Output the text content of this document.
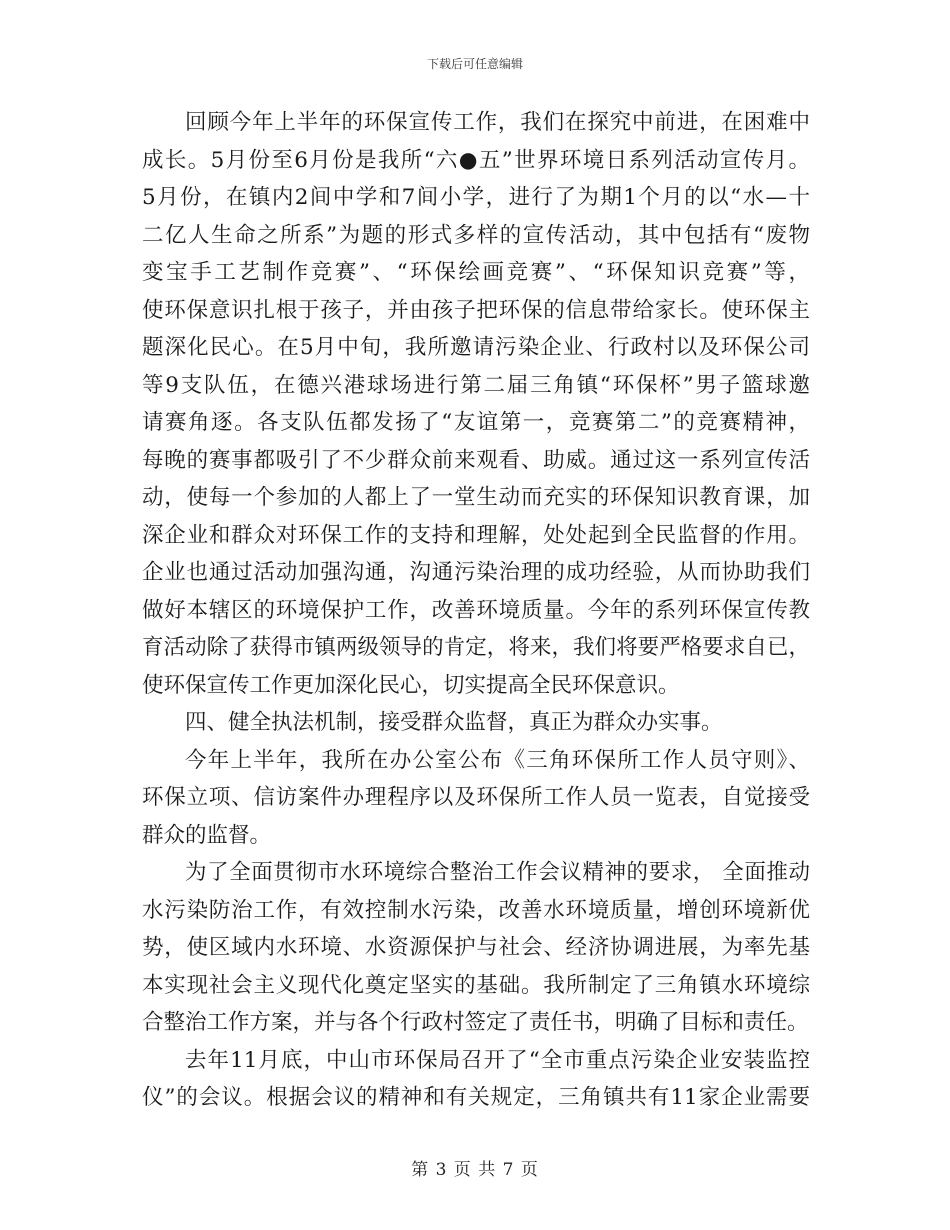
下载后可任意编辑
回顾今年上半年的环保宣传工作，我们在探究中前进，在困难中
成长。5月份至6月份是我所“六●五”世界环境日系列活动宣传月。
5月份，在镇内2间中学和7间小学，进行了为期1个月的以“水—十
二亿人生命之所系”为题的形式多样的宣传活动，其中包括有“废物
变宝手工艺制作竞赛”、“环保绘画竞赛”、“环保知识竞赛”等，
使环保意识扎根于孩子，并由孩子把环保的信息带给家长。使环保主
题深化民心。在5月中旬，我所邀请污染企业、行政村以及环保公司
等9支队伍，在德兴港球场进行第二届三角镇“环保杯”男子篮球邀
请赛角逐。各支队伍都发扬了“友谊第一，竞赛第二”的竞赛精神，
每晚的赛事都吸引了不少群众前来观看、助威。通过这一系列宣传活
动，使每一个参加的人都上了一堂生动而充实的环保知识教育课，加
深企业和群众对环保工作的支持和理解，处处起到全民监督的作用。
企业也通过活动加强沟通，沟通污染治理的成功经验，从而协助我们
做好本辖区的环境保护工作，改善环境质量。今年的系列环保宣传教
育活动除了获得市镇两级领导的肯定，将来，我们将要严格要求自已，
使环保宣传工作更加深化民心，切实提高全民环保意识。
四、健全执法机制，接受群众监督，真正为群众办实事。
今年上半年，我所在办公室公布《三角环保所工作人员守则》、
环保立项、信访案件办理程序以及环保所工作人员一览表，自觉接受
群众的监督。
为了全面贯彻市水环境综合整治工作会议精神的要求， 全面推动
水污染防治工作，有效控制水污染，改善水环境质量，增创环境新优
势，使区域内水环境、水资源保护与社会、经济协调进展，为率先基
本实现社会主义现代化奠定坚实的基础。我所制定了三角镇水环境综
合整治工作方案，并与各个行政村签定了责任书，明确了目标和责任。
去年11月底，中山市环保局召开了“全市重点污染企业安装监控
仪”的会议。根据会议的精神和有关规定，三角镇共有11家企业需要
第 3 页 共 7 页
